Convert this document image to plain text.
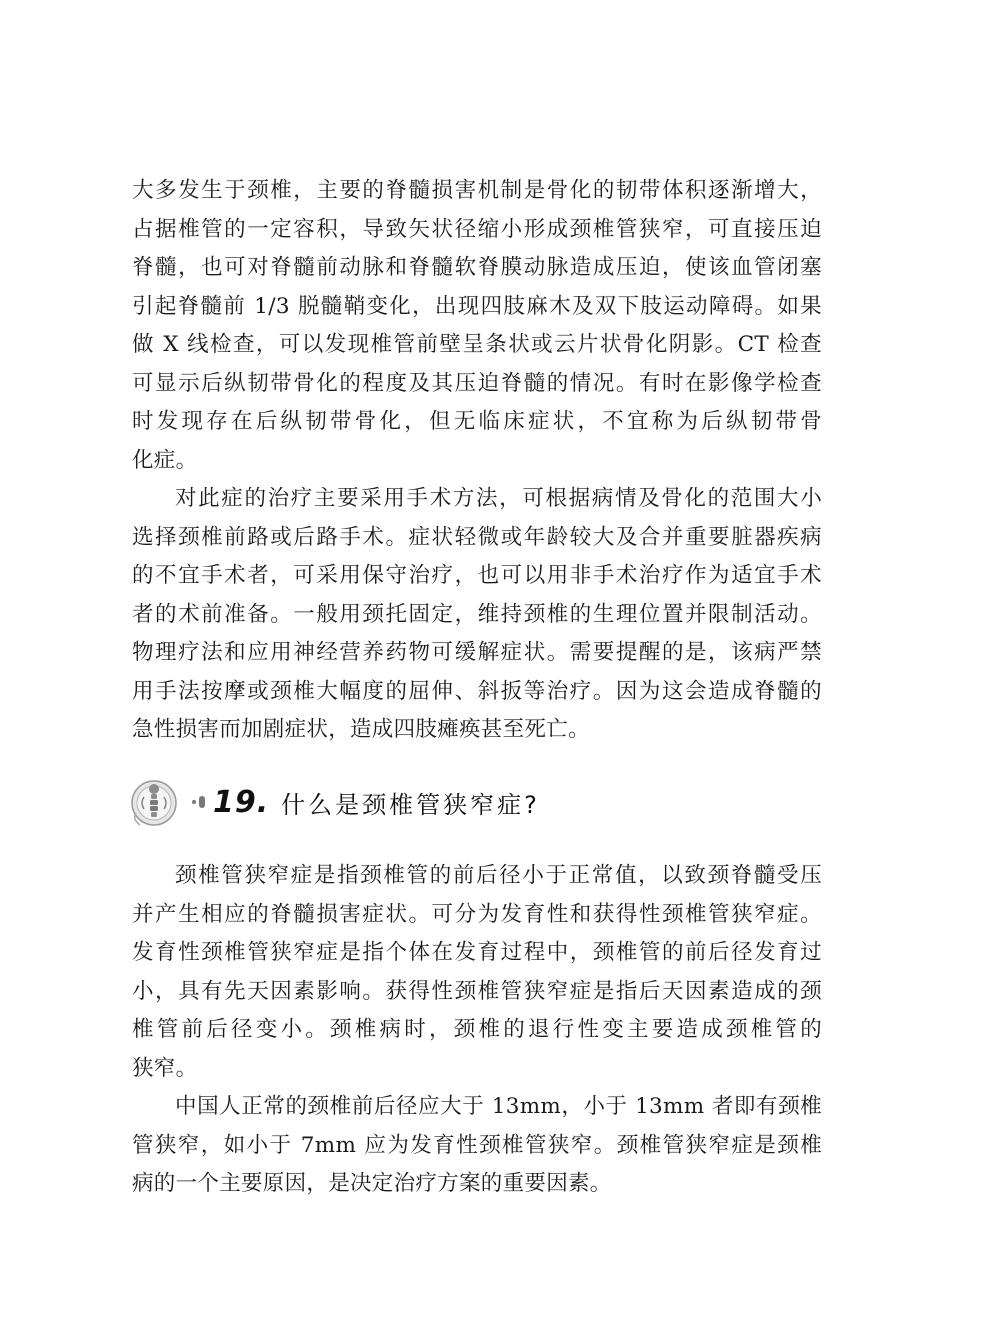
大多发生于颈椎，主要的脊髓损害机制是骨化的韧带体积逐渐增大，
占据椎管的一定容积，导致矢状径缩小形成颈椎管狭窄，可直接压迫
脊髓，也可对脊髓前动脉和脊髓软脊膜动脉造成压迫，使该血管闭塞
引起脊髓前 1/3 脱髓鞘变化，出现四肢麻木及双下肢运动障碍。如果
做 X 线检查，可以发现椎管前壁呈条状或云片状骨化阴影。CT 检查
可显示后纵韧带骨化的程度及其压迫脊髓的情况。有时在影像学检查
时发现存在后纵韧带骨化，但无临床症状，不宜称为后纵韧带骨
化症。
对此症的治疗主要采用手术方法，可根据病情及骨化的范围大小
选择颈椎前路或后路手术。症状轻微或年龄较大及合并重要脏器疾病
的不宜手术者，可采用保守治疗，也可以用非手术治疗作为适宜手术
者的术前准备。一般用颈托固定，维持颈椎的生理位置并限制活动。
物理疗法和应用神经营养药物可缓解症状。需要提醒的是，该病严禁
用手法按摩或颈椎大幅度的屈伸、斜扳等治疗。因为这会造成脊髓的
急性损害而加剧症状，造成四肢瘫痪甚至死亡。
19. 什么是颈椎管狭窄症?
颈椎管狭窄症是指颈椎管的前后径小于正常值，以致颈脊髓受压
并产生相应的脊髓损害症状。可分为发育性和获得性颈椎管狭窄症。
发育性颈椎管狭窄症是指个体在发育过程中，颈椎管的前后径发育过
小，具有先天因素影响。获得性颈椎管狭窄症是指后天因素造成的颈
椎管前后径变小。颈椎病时，颈椎的退行性变主要造成颈椎管的
狭窄。
中国人正常的颈椎前后径应大于 13mm，小于 13mm 者即有颈椎
管狭窄，如小于 7mm 应为发育性颈椎管狭窄。颈椎管狭窄症是颈椎
病的一个主要原因，是决定治疗方案的重要因素。
